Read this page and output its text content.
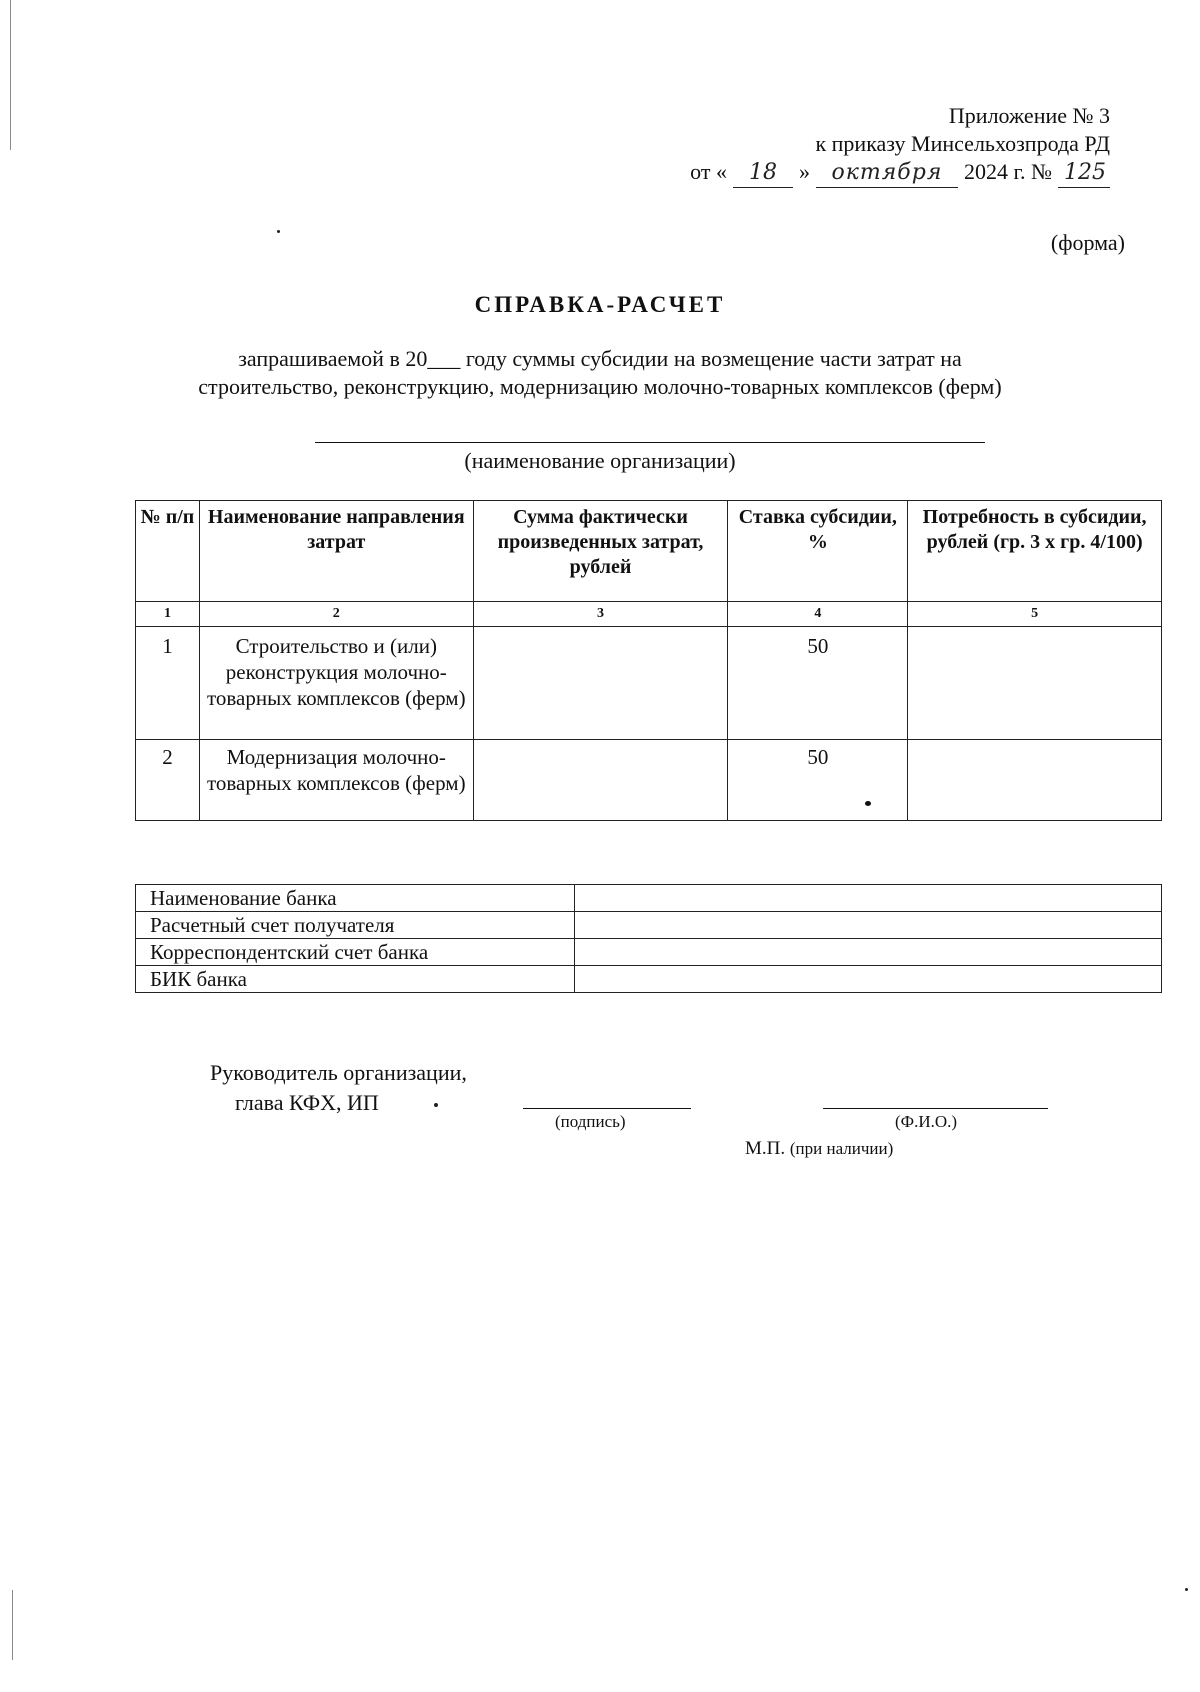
Приложение № 3
к приказу Минсельхозпрода РД
от «	18	» октября 2024 г. № 125
(форма)
СПРАВКА-РАСЧЕТ
запрашиваемой в 20___ году суммы субсидии на возмещение части затрат на
строительство, реконструкцию, модернизацию молочно-товарных комплексов (ферм)
(наименование организации)
№ п/п	Наименование направления затрат	Сумма фактически произведенных затрат, рублей	Ставка субсидии, %	Потребность в субсидии, рублей (гр. 3 х гр. 4/100)
1	2	3	4	5
1	Строительство и (или) реконструкция молочно-товарных комплексов (ферм)		50	
2	Модернизация молочно-товарных комплексов (ферм)		50	

Наименование банка	
Расчетный счет получателя	
Корреспондентский счет банка	
БИК банка	
Руководитель организации,
глава КФХ, ИП
(подпись)	(Ф.И.О.)
М.П. (при наличии)
